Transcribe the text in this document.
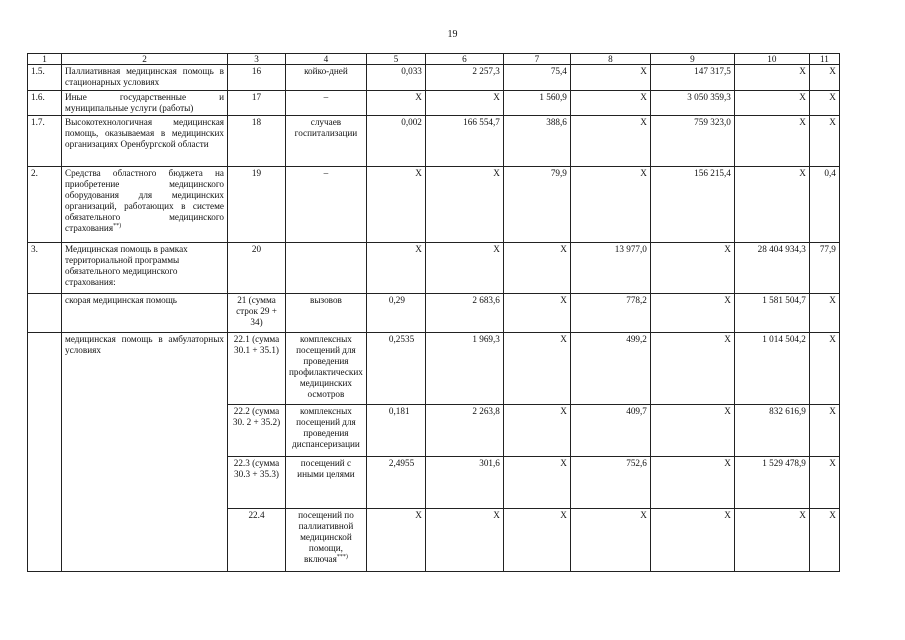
19
1	2	3	4	5	6	7	8	9	10	11
1.5.	Паллиативная медицинская помощь в стационарных условиях	16	койко-дней	0,033	2 257,3	75,4	Х	147 317,5	Х	Х
1.6.	Иные государственные и муниципальные услуги (работы)	17	–	Х	Х	1 560,9	Х	3 050 359,3	Х	Х
1.7.	Высокотехнологичная медицинская помощь, оказываемая в медицинских организациях Оренбургской области	18	случаев госпитализации	0,002	166 554,7	388,6	Х	759 323,0	Х	Х
2.	Средства областного бюджета на приобретение медицинского оборудования для медицинских организаций, работающих в системе обязательного медицинского страхования**)	19	–	Х	Х	79,9	Х	156 215,4	Х	0,4
3.	Медицинская помощь в рамках территориальной программы обязательного медицинского страхования:	20		Х	Х	Х	13 977,0	Х	28 404 934,3	77,9
	скорая медицинская помощь	21 (сумма строк 29 + 34)	вызовов	0,29	2 683,6	Х	778,2	Х	1 581 504,7	Х
	медицинская помощь в амбулаторных условиях	22.1 (сумма 30.1 + 35.1)	комплексных посещений для проведения профилактических медицинских осмотров	0,2535	1 969,3	Х	499,2	Х	1 014 504,2	Х
		22.2 (сумма 30. 2 + 35.2)	комплексных посещений для проведения диспансеризации	0,181	2 263,8	Х	409,7	Х	832 616,9	Х
		22.3 (сумма 30.3 + 35.3)	посещений с иными целями	2,4955	301,6	Х	752,6	Х	1 529 478,9	Х
		22.4	посещений по паллиативной медицинской помощи, включая***)	Х	Х	Х	Х	Х	Х	Х
